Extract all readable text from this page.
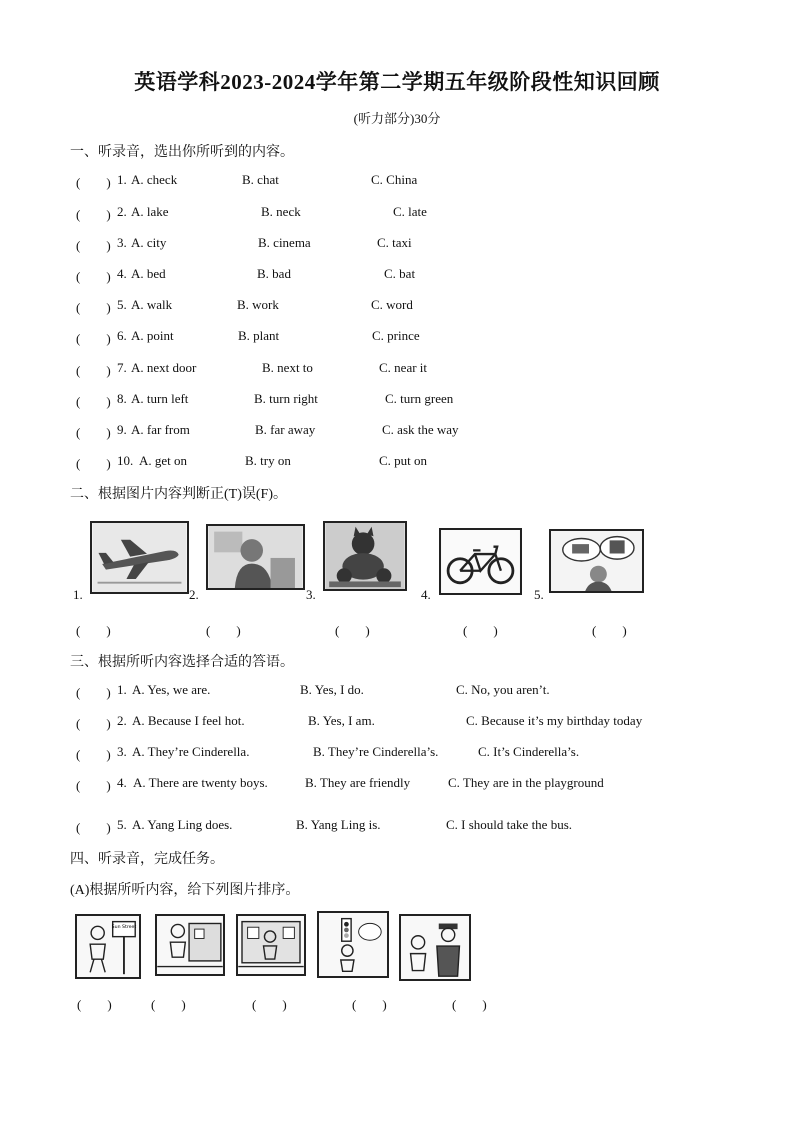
英语学科2023-2024学年第二学期五年级阶段性知识回顾
(听力部分)30分
一、听录音，选出你所听到的内容。
(　　) 1. A. check	B. chat	C. China
(　　) 2. A. lake	B. neck	C. late
(　　) 3. A. city	B. cinema	C. taxi
(　　) 4. A. bed	B. bad	C. bat
(　　) 5. A. walk	B. work	C. word
(　　) 6. A. point	B. plant	C. prince
(　　) 7. A. next door	B. next to	C. near it
(　　) 8. A. turn left	B. turn right	C. turn green
(　　) 9. A. far from	B. far away	C. ask the way
(　　) 10. A. get on	B. try on	C. put on
二、根据图片内容判断正(T)误(F)。
1.	2.	3.	4.	5.
(　　)	(　　)	(　　)	(　　)	(　　)
三、根据所听内容选择合适的答语。
(　　) 1. A. Yes, we are.	B. Yes, I do.	C. No, you aren’t.
(　　) 2. A. Because I feel hot.	B. Yes, I am.	C. Because it’s my birthday today
(　　) 3. A. They’re Cinderella.	B. They’re Cinderella’s.	C. It’s Cinderella’s.
(　　) 4. A. There are twenty boys.	B. They are friendly	C. They are in the playground
(　　) 5. A. Yang Ling does.	B. Yang Ling is.	C. I should take the bus.
四、听录音，完成任务。
(A)根据所听内容，给下列图片排序。
Sun Street
(　　)	(　　)	(　　)	(　　)	(　　)
